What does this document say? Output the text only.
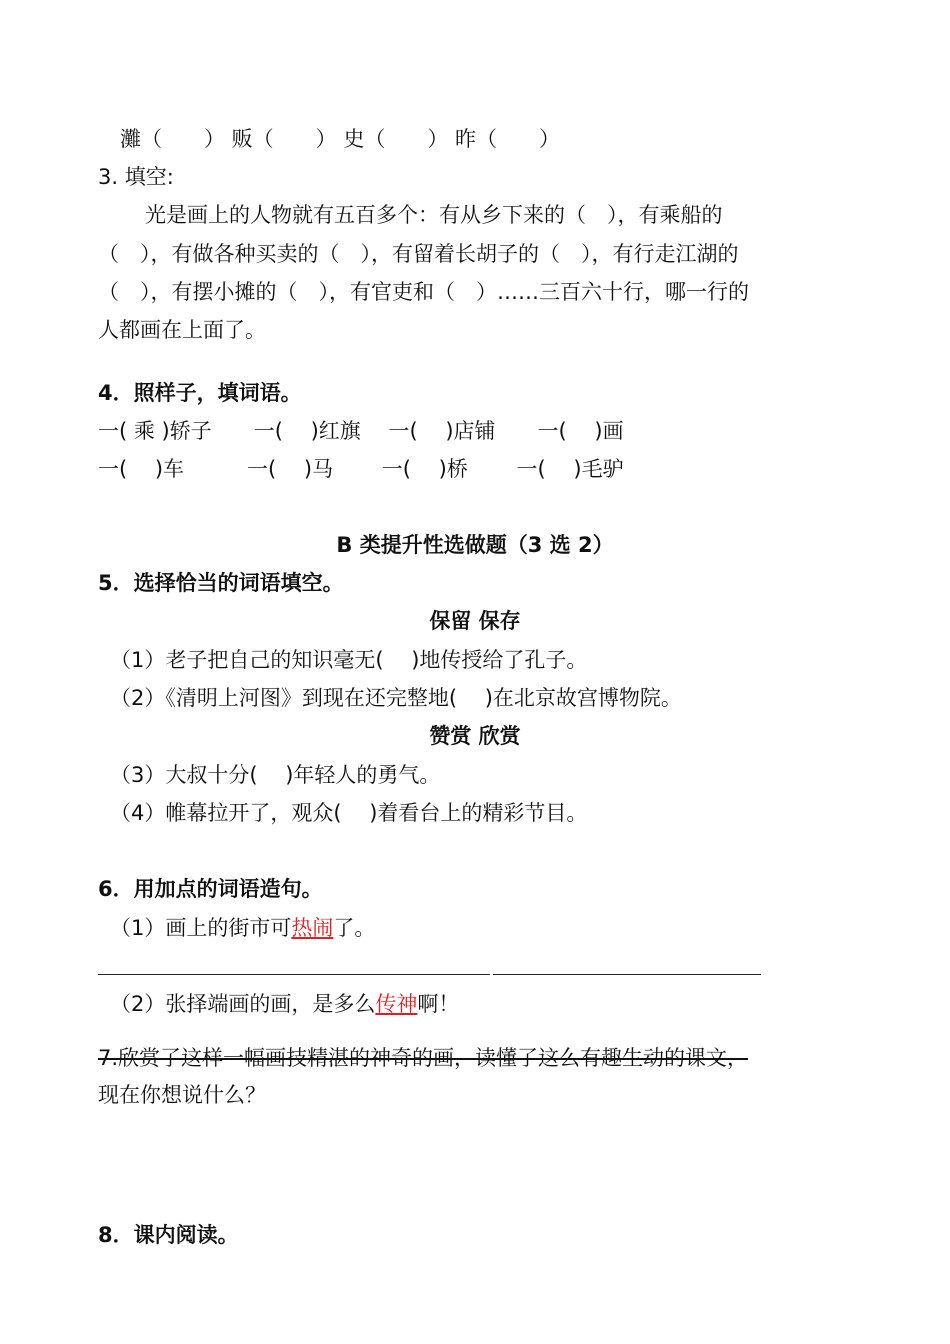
灘（　　） 贩（　　） 史（　　） 昨（　　）
3. 填空:
光是画上的人物就有五百多个：有从乡下来的（　），有乘船的
（　），有做各种买卖的（　），有留着长胡子的（　），有行走江湖的
（　），有摆小摊的（　），有官吏和（　）……三百六十行，哪一行的
人都画在上面了。
4．照样子，填词语。
一( 乘 )轿子　　一(　 )红旗　 一(　 )店铺　　一(　 )画
一(　 )车　　　一(　 )马　　 一(　 )桥　　 一(　 )毛驴
B 类提升性选做题（3 选 2）
5．选择恰当的词语填空。
保留 保存
（1）老子把自己的知识毫无(　 )地传授给了孔子。
（2）《清明上河图》到现在还完整地(　 )在北京故宫博物院。
赞赏 欣赏
（3）大叔十分(　 )年轻人的勇气。
（4）帷幕拉开了，观众(　 )着看台上的精彩节目。
6．用加点的词语造句。
（1）画上的街市可热闹了。
（2）张择端画的画，是多么传神啊！
7.欣赏了这样一幅画技精湛的神奇的画，读懂了这么有趣生动的课文，
现在你想说什么？
8．课内阅读。
